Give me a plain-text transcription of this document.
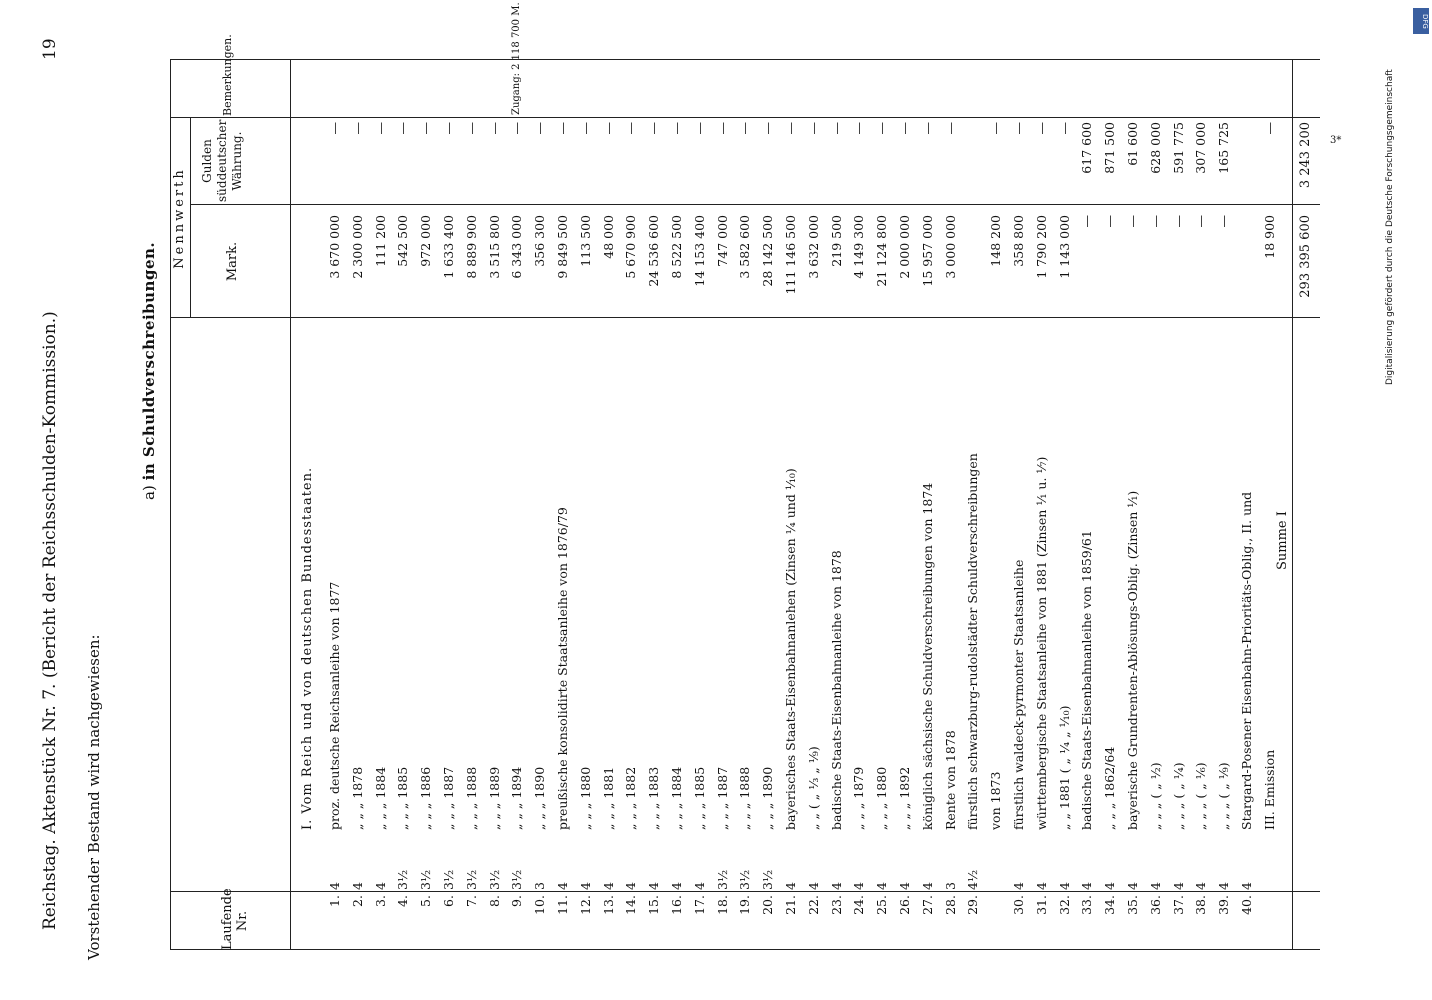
Reichstag. Aktenstück Nr. 7. (Bericht der Reichsschulden-Kommission.)
19
Vorstehender Bestand wird nachgewiesen:
a) in Schuldverschreibungen.
Laufende Nr.
Nennwerth	Mark.
Gulden süddeutscher Währung.
Bemerkungen.
I. Vom Reich und von deutschen Bundesstaaten.
1.
4
proz. deutsche Reichsanleihe von 1877
3 670 000
—
2.
4
„ „ „ 1878
2 300 000
—
3.
4
„ „ „ 1884
111 200
—
4.
3½
„ „ „ 1885
542 500
—
5.
3½
„ „ „ 1886
972 000
—
6.
3½
„ „ „ 1887
1 633 400
—
7.
3½
„ „ „ 1888
8 889 900
—
8.
3½
„ „ „ 1889
3 515 800
—
9.
3½
„ „ „ 1894
6 343 000
—
Zugang: 2 118 700 M.
10.
3
„ „ „ 1890
356 300
—
11.
4
preußische konsolidirte Staatsanleihe von 1876/79
9 849 500
—
12.
4
„ „ „ 1880
113 500
—
13.
4
„ „ „ 1881
48 000
—
14.
4
„ „ „ 1882
5 670 900
—
15.
4
„ „ „ 1883
24 536 600
—
16.
4
„ „ „ 1884
8 522 500
—
17.
4
„ „ „ 1885
14 153 400
—
18.
3½
„ „ „ 1887
747 000
—
19.
3½
„ „ „ 1888
3 582 600
—
20.
3½
„ „ „ 1890
28 142 500
—
21.
4
bayerisches Staats-Eisenbahnanlehen (Zinsen ¼ und ¹⁄₁₀)
111 146 500
—
22.
4
„ „ ( „ ⅓ „ ⅑)
3 632 000
—
23.
4
badische Staats-Eisenbahnanleihe von 1878
219 500
—
24.
4
„ „ „ 1879
4 149 300
—
25.
4
„ „ „ 1880
21 124 800
—
26.
4
„ „ „ 1892
2 000 000
—
27.
4
königlich sächsische Schuldverschreibungen von 1874
15 957 000
—
28.
3
Rente von 1878
3 000 000
—
29.
4½
fürstlich schwarzburg-rudolstädter Schuldverschreibungen von 1873
148 200
—
30.
4
fürstlich waldeck-pyrmonter Staatsanleihe
358 800
—
31.
4
württembergische Staatsanleihe von 1881 (Zinsen ¹⁄₁ u. ¹⁄₇)
1 790 200
—
32.
4
„ „ 1881 ( „ ¼ „ ¹⁄₁₀)
1 143 000
—
33.
4
badische Staats-Eisenbahnanleihe von 1859/61
—
617 600
34.
4
„ „ „ 1862/64
—
871 500
35.
4
bayerische Grundrenten-Ablösungs-Oblig. (Zinsen ¹⁄₁)
—
61 600
36.
4
„ „ „ ( „ ½)
—
628 000
37.
4
„ „ „ ( „ ¼)
—
591 775
38.
4
„ „ „ ( „ ⅙)
—
307 000
39.
4
„ „ „ ( „ ⅑)
—
165 725
40.
4
Stargard-Posener Eisenbahn-Prioritäts-Oblig., II. und III. Emission
18 900
—
Summe I
293 395 600
3 243 200 3*	Digitalisierung gefördert durch die Deutsche Forschungsgemeinschaft
DFG
